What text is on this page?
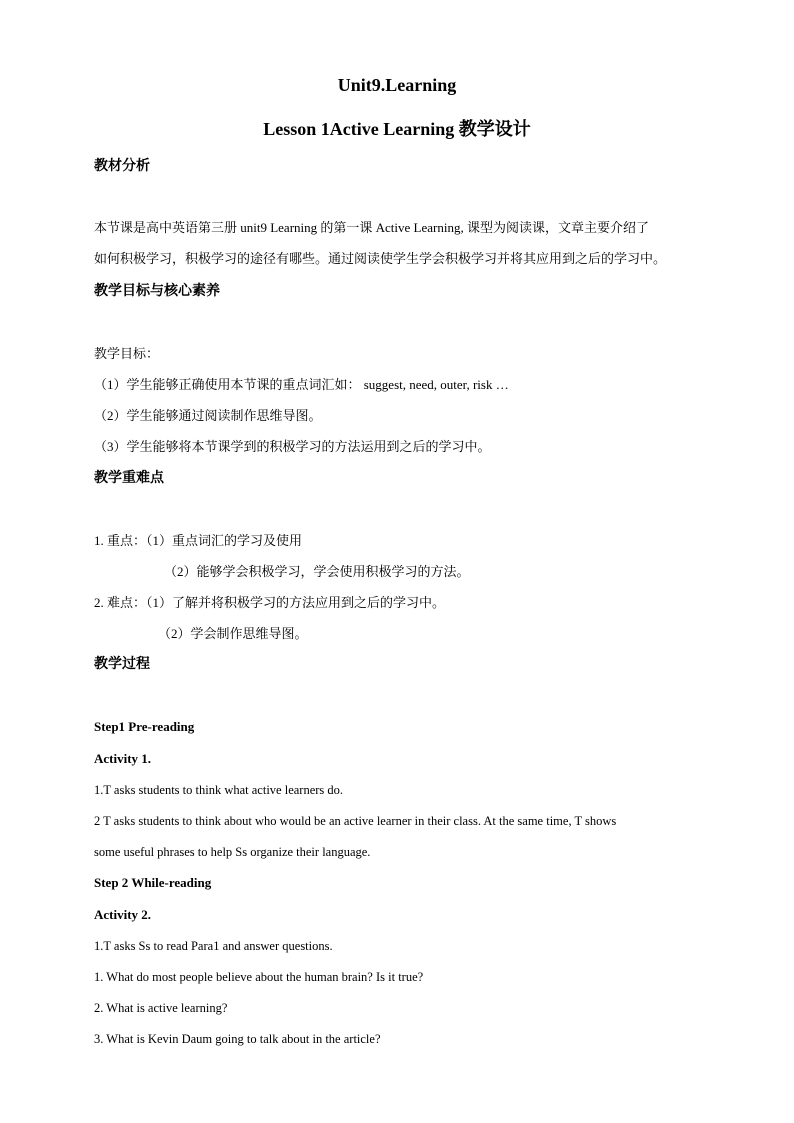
Unit9.Learning
Lesson 1Active Learning 教学设计
教材分析
本节课是高中英语第三册 unit9 Learning 的第一课 Active Learning, 课型为阅读课，文章主要介绍了
如何积极学习，积极学习的途径有哪些。通过阅读使学生学会积极学习并将其应用到之后的学习中。
教学目标与核心素养
教学目标：
（1）学生能够正确使用本节课的重点词汇如： suggest, need, outer, risk …
（2）学生能够通过阅读制作思维导图。
（3）学生能够将本节课学到的积极学习的方法运用到之后的学习中。
教学重难点
1. 重点：（1）重点词汇的学习及使用
（2）能够学会积极学习，学会使用积极学习的方法。
2. 难点：（1）了解并将积极学习的方法应用到之后的学习中。
（2）学会制作思维导图。
教学过程
Step1 Pre-reading
Activity 1.
1.T asks students to think what active learners do.
2 T asks students to think about who would be an active learner in their class. At the same time, T shows
some useful phrases to help Ss organize their language.
Step 2 While-reading
Activity 2.
1.T asks Ss to read Para1 and answer questions.
1. What do most people believe about the human brain? Is it true?
2. What is active learning?
3. What is Kevin Daum going to talk about in the article?
